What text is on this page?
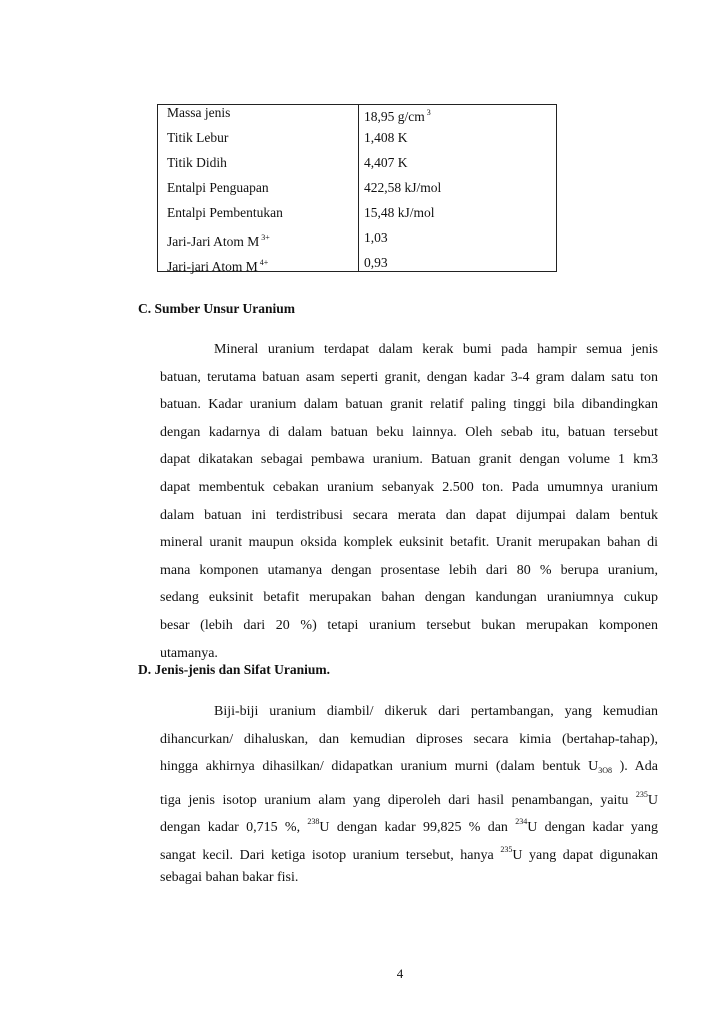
Massa jenis	18,95 g/cm $^3$
Titik Lebur	1,408 K
Titik Didih	4,407 K
Entalpi Penguapan	422,58 kJ/mol
Entalpi Pembentukan	15,48 kJ/mol
Jari-Jari Atom M $^{3+}$	1,03
Jari-jari Atom M $^{4+}$	0,93
C. Sumber Unsur Uranium
Mineral uranium terdapat dalam kerak bumi pada hampir semua jenis
batuan, terutama batuan asam seperti granit, dengan kadar 3-4 gram dalam satu ton
batuan. Kadar uranium dalam batuan granit relatif paling tinggi bila dibandingkan
dengan kadarnya di dalam batuan beku lainnya. Oleh sebab itu, batuan tersebut
dapat dikatakan sebagai pembawa uranium. Batuan granit dengan volume 1 km3
dapat membentuk cebakan uranium sebanyak 2.500 ton. Pada umumnya uranium
dalam batuan ini terdistribusi secara merata dan dapat dijumpai dalam bentuk
mineral uranit maupun oksida komplek euksinit betafit. Uranit merupakan bahan di
mana komponen utamanya dengan prosentase lebih dari 80 % berupa uranium,
sedang euksinit betafit merupakan bahan dengan kandungan uraniumnya cukup
besar (lebih dari 20 %) tetapi uranium tersebut bukan merupakan komponen
utamanya.
D. Jenis-jenis dan Sifat Uranium.
Biji-biji uranium diambil/ dikeruk dari pertambangan, yang kemudian
dihancurkan/ dihaluskan, dan kemudian diproses secara kimia (bertahap-tahap),
hingga akhirnya dihasilkan/ didapatkan uranium murni (dalam bentuk $U_{3O8}$ ). Ada
tiga jenis isotop uranium alam yang diperoleh dari hasil penambangan, yaitu $^{235}$U
dengan kadar 0,715 %, $^{238}$U dengan kadar 99,825 % dan $^{234}$U dengan kadar yang
sangat kecil. Dari ketiga isotop uranium tersebut, hanya $^{235}$U yang dapat digunakan
sebagai bahan bakar fisi.
4
